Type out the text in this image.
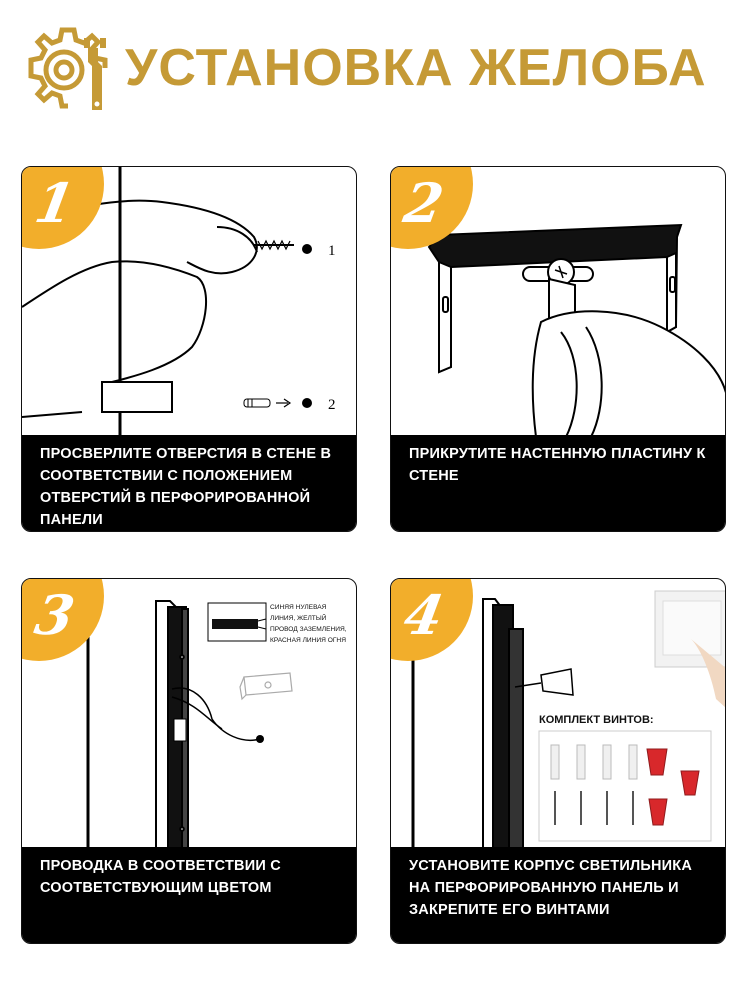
УСТАНОВКА ЖЕЛОБА
1
2
1
ПРОСВЕРЛИТЕ ОТВЕРСТИЯ В СТЕНЕ В СООТВЕТСТВИИ С ПОЛОЖЕНИЕМ ОТВЕРСТИЙ В ПЕРФОРИРОВАННОЙ ПАНЕЛИ
2
ПРИКРУТИТЕ НАСТЕННУЮ ПЛАСТИНУ К СТЕНЕ
СИНЯЯ НУЛЕВАЯ ЛИНИЯ, ЖЕЛТЫЙ ПРОВОД ЗАЗЕМЛЕНИЯ, КРАСНАЯ ЛИНИЯ ОГНЯ
3
ПРОВОДКА В СООТВЕТСТВИИ С СООТВЕТСТВУЮЩИМ ЦВЕТОМ
КОМПЛЕКТ ВИНТОВ:
4
УСТАНОВИТЕ КОРПУС СВЕТИЛЬНИКА НА ПЕРФОРИРОВАННУЮ ПАНЕЛЬ И ЗАКРЕПИТЕ ЕГО ВИНТАМИ
